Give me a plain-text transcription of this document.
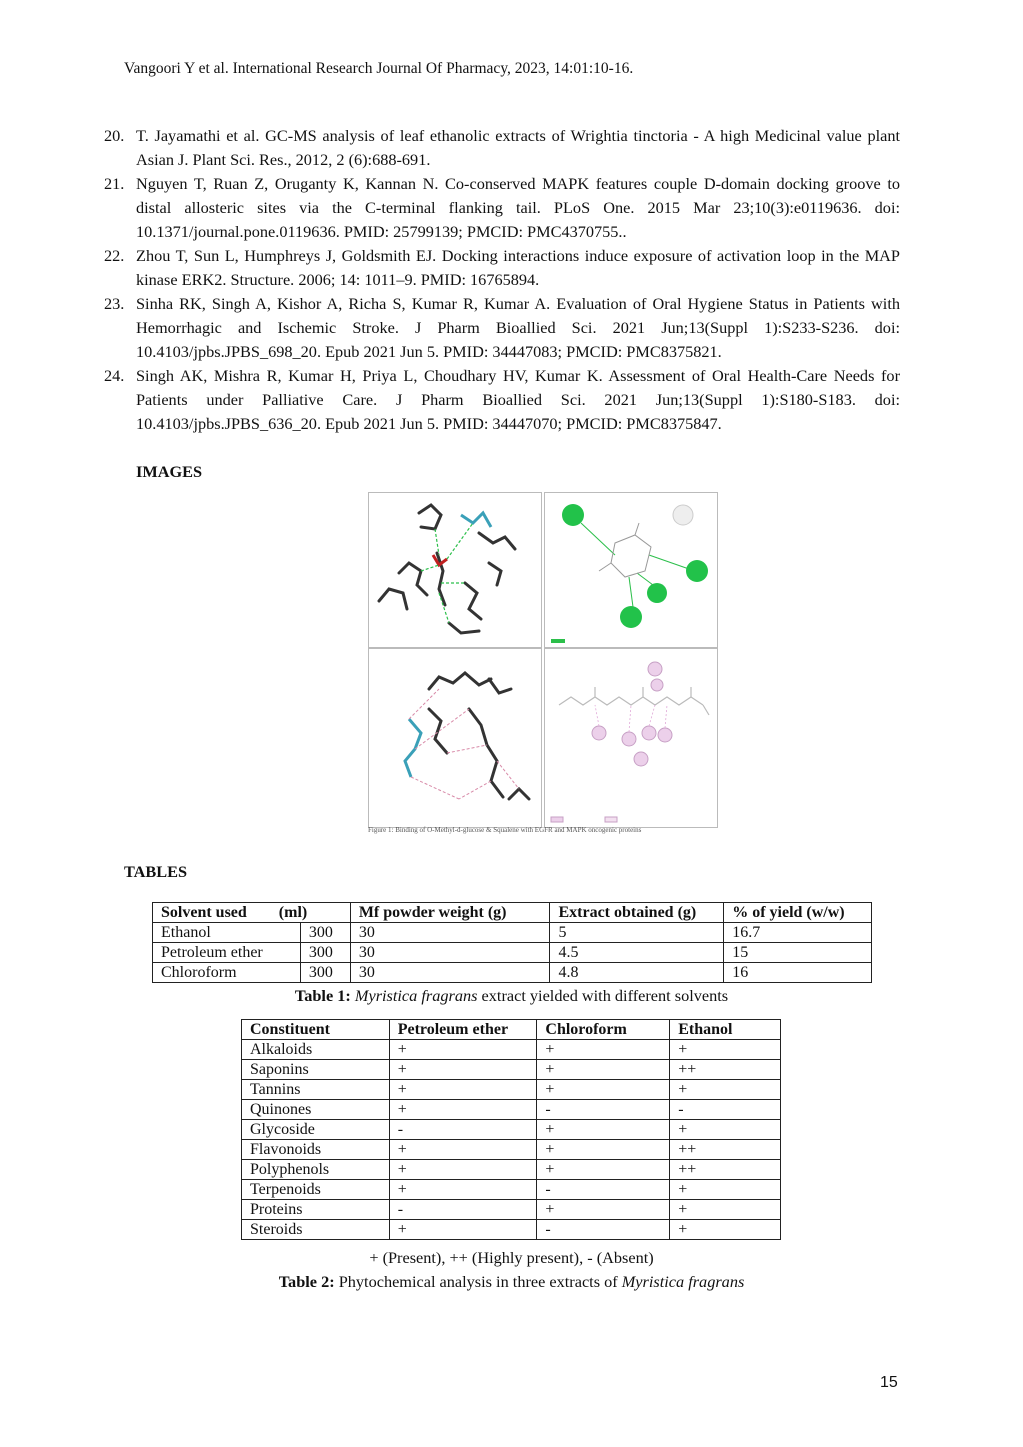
Vangoori Y et al. International Research Journal Of Pharmacy, 2023, 14:01:10-16.
20. T. Jayamathi et al. GC-MS analysis of leaf ethanolic extracts of Wrightia tinctoria - A high Medicinal value plant Asian J. Plant Sci. Res., 2012, 2 (6):688-691.
21. Nguyen T, Ruan Z, Oruganty K, Kannan N. Co-conserved MAPK features couple D-domain docking groove to distal allosteric sites via the C-terminal flanking tail. PLoS One. 2015 Mar 23;10(3):e0119636. doi: 10.1371/journal.pone.0119636. PMID: 25799139; PMCID: PMC4370755..
22. Zhou T, Sun L, Humphreys J, Goldsmith EJ. Docking interactions induce exposure of activation loop in the MAP kinase ERK2. Structure. 2006; 14: 1011–9. PMID: 16765894.
23. Sinha RK, Singh A, Kishor A, Richa S, Kumar R, Kumar A. Evaluation of Oral Hygiene Status in Patients with Hemorrhagic and Ischemic Stroke. J Pharm Bioallied Sci. 2021 Jun;13(Suppl 1):S233-S236. doi: 10.4103/jpbs.JPBS_698_20. Epub 2021 Jun 5. PMID: 34447083; PMCID: PMC8375821.
24. Singh AK, Mishra R, Kumar H, Priya L, Choudhary HV, Kumar K. Assessment of Oral Health-Care Needs for Patients under Palliative Care. J Pharm Bioallied Sci. 2021 Jun;13(Suppl 1):S180-S183. doi: 10.4103/jpbs.JPBS_636_20. Epub 2021 Jun 5. PMID: 34447070; PMCID: PMC8375847.
IMAGES
Figure 1: Binding of O-Methyl-d-glucose & Squalene with EGFR and MAPK oncogenic proteins
TABLES
Solvent used (ml)		Mf powder weight (g)	Extract obtained (g)	% of yield (w/w)
Ethanol	300	30	5	16.7
Petroleum ether	300	30	4.5	15
Chloroform	300	30	4.8	16
Table 1: Myristica fragrans extract yielded with different solvents
Constituent	Petroleum ether	Chloroform	Ethanol
Alkaloids	+	+	+
Saponins	+	+	++
Tannins	+	+	+
Quinones	+	-	-
Glycoside	-	+	+
Flavonoids	+	+	++
Polyphenols	+	+	++
Terpenoids	+	-	+
Proteins	-	+	+
Steroids	+	-	+
+ (Present), ++ (Highly present), - (Absent)
Table 2: Phytochemical analysis in three extracts of Myristica fragrans
15
